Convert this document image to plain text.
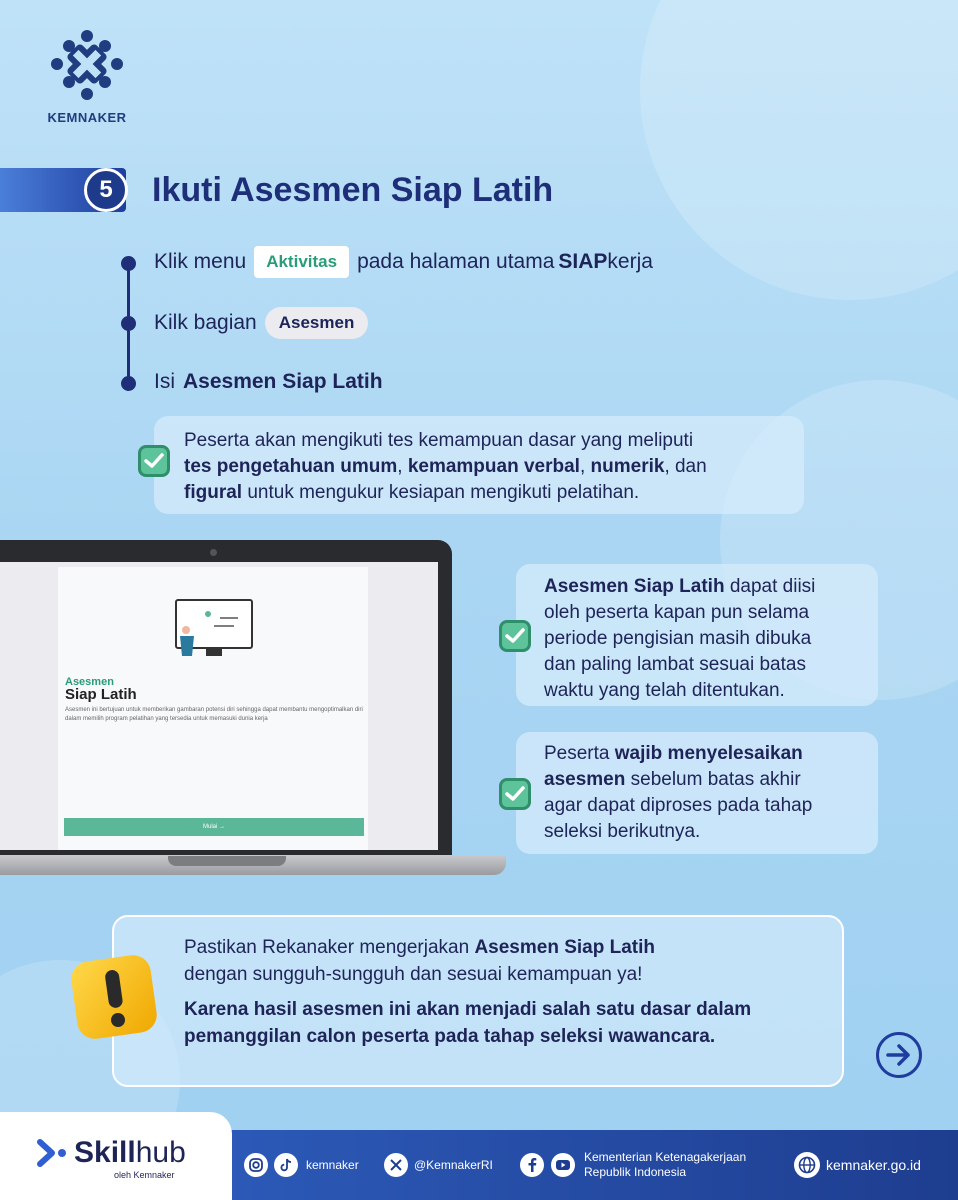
KEMNAKER
5	Ikuti Asesmen Siap Latih
Klik menu	Aktivitas pada halaman utama SIAPkerja
Kilk bagian	Asesmen
Isi Asesmen Siap Latih
Peserta akan mengikuti tes kemampuan dasar yang meliputi
tes pengetahuan umum, kemampuan verbal, numerik, dan
figural untuk mengukur kesiapan mengikuti pelatihan.
Asesmen
Siap Latih
Asesmen ini bertujuan untuk memberikan gambaran potensi diri sehingga dapat membantu mengoptimalkan diri dalam memilih program pelatihan yang tersedia untuk memasuki dunia kerja
Mulai →
Asesmen Siap Latih dapat diisi
oleh peserta kapan pun selama
periode pengisian masih dibuka
dan paling lambat sesuai batas
waktu yang telah ditentukan.
Peserta wajib menyelesaikan
asesmen sebelum batas akhir
agar dapat diproses pada tahap
seleksi berikutnya.
Pastikan Rekanaker mengerjakan Asesmen Siap Latih
dengan sungguh-sungguh dan sesuai kemampuan ya!
Karena hasil asesmen ini akan menjadi salah satu dasar dalam pemanggilan calon peserta pada tahap seleksi wawancara.
Skillhub
oleh Kemnaker
kemnaker	@KemnakerRI
Kementerian Ketenagakerjaan
Republik Indonesia	kemnaker.go.id
